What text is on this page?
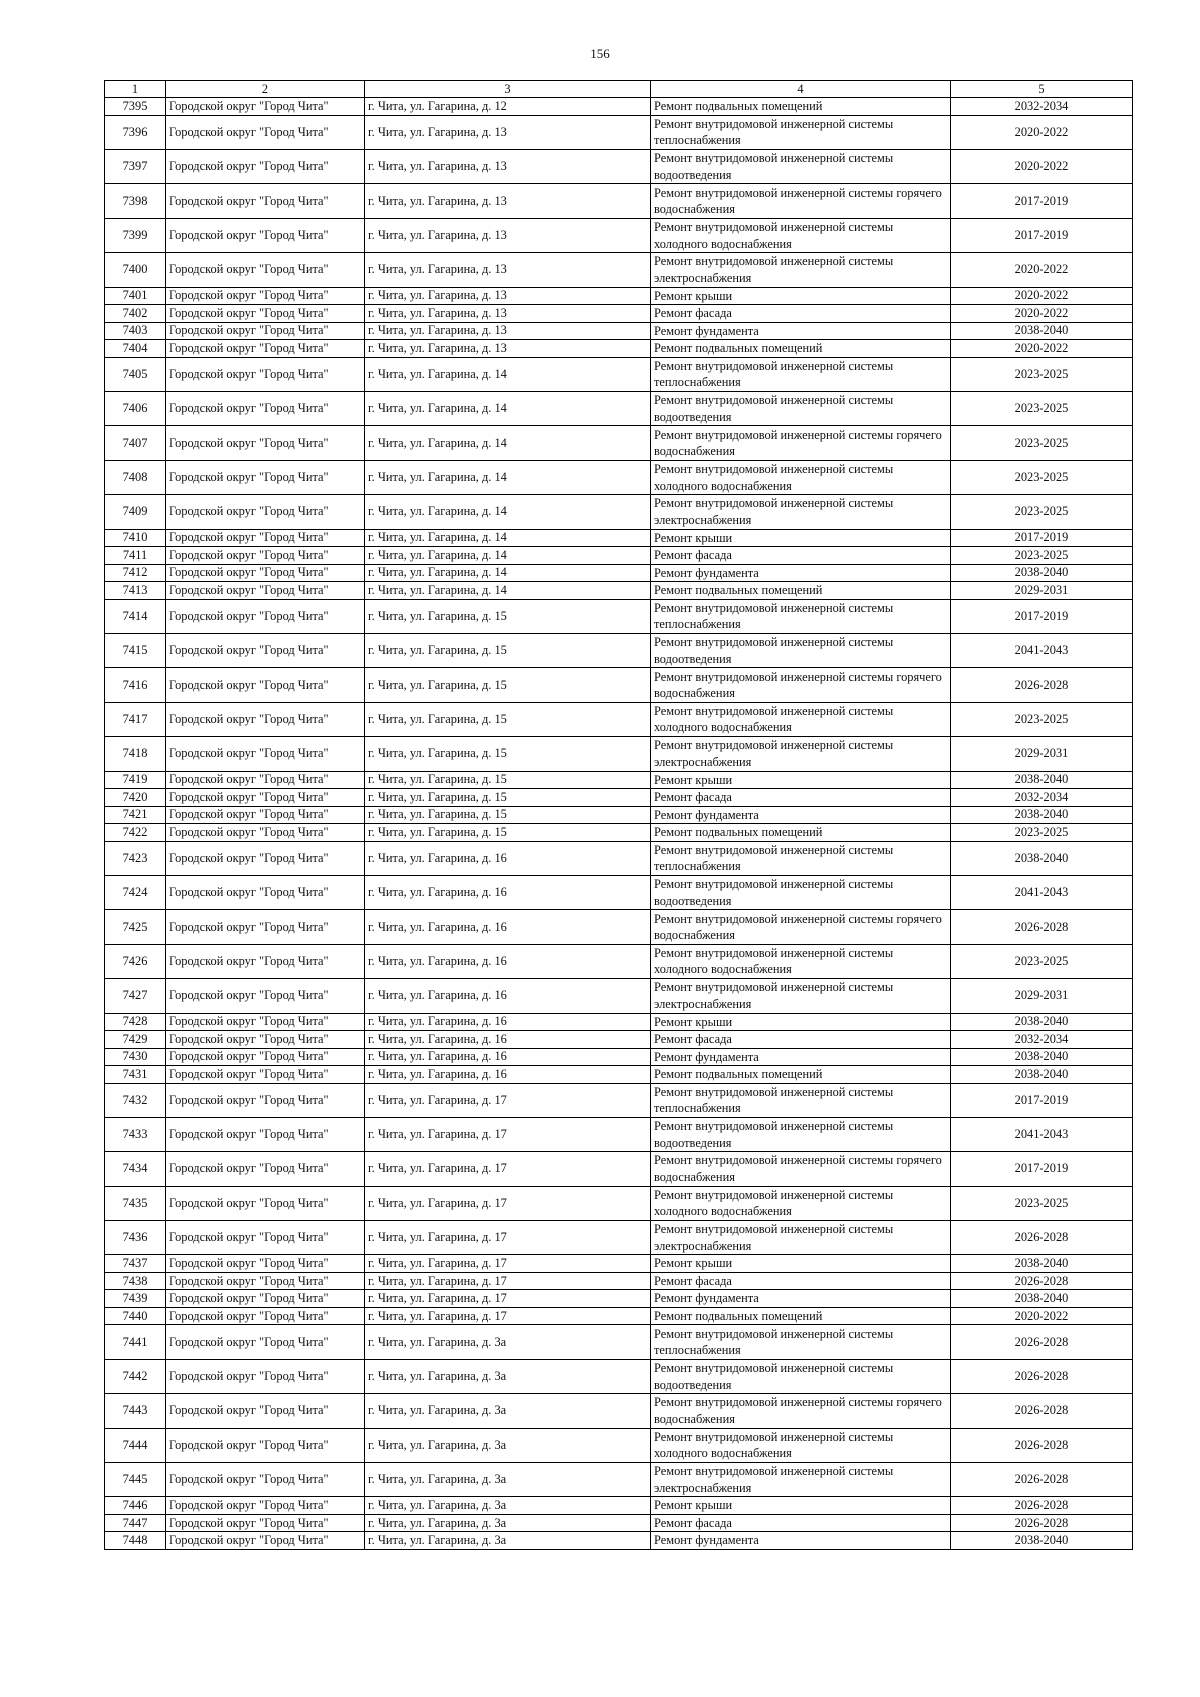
156
1	2	3	4	5
7395	Городской округ "Город Чита"	г. Чита, ул. Гагарина, д. 12	Ремонт подвальных помещений	2032-2034
7396	Городской округ "Город Чита"	г. Чита, ул. Гагарина, д. 13	Ремонт внутридомовой инженерной системы теплоснабжения	2020-2022
7397	Городской округ "Город Чита"	г. Чита, ул. Гагарина, д. 13	Ремонт внутридомовой инженерной системы водоотведения	2020-2022
7398	Городской округ "Город Чита"	г. Чита, ул. Гагарина, д. 13	Ремонт внутридомовой инженерной системы горячего водоснабжения	2017-2019
7399	Городской округ "Город Чита"	г. Чита, ул. Гагарина, д. 13	Ремонт внутридомовой инженерной системы холодного водоснабжения	2017-2019
7400	Городской округ "Город Чита"	г. Чита, ул. Гагарина, д. 13	Ремонт внутридомовой инженерной системы электроснабжения	2020-2022
7401	Городской округ "Город Чита"	г. Чита, ул. Гагарина, д. 13	Ремонт крыши	2020-2022
7402	Городской округ "Город Чита"	г. Чита, ул. Гагарина, д. 13	Ремонт фасада	2020-2022
7403	Городской округ "Город Чита"	г. Чита, ул. Гагарина, д. 13	Ремонт фундамента	2038-2040
7404	Городской округ "Город Чита"	г. Чита, ул. Гагарина, д. 13	Ремонт подвальных помещений	2020-2022
7405	Городской округ "Город Чита"	г. Чита, ул. Гагарина, д. 14	Ремонт внутридомовой инженерной системы теплоснабжения	2023-2025
7406	Городской округ "Город Чита"	г. Чита, ул. Гагарина, д. 14	Ремонт внутридомовой инженерной системы водоотведения	2023-2025
7407	Городской округ "Город Чита"	г. Чита, ул. Гагарина, д. 14	Ремонт внутридомовой инженерной системы горячего водоснабжения	2023-2025
7408	Городской округ "Город Чита"	г. Чита, ул. Гагарина, д. 14	Ремонт внутридомовой инженерной системы холодного водоснабжения	2023-2025
7409	Городской округ "Город Чита"	г. Чита, ул. Гагарина, д. 14	Ремонт внутридомовой инженерной системы электроснабжения	2023-2025
7410	Городской округ "Город Чита"	г. Чита, ул. Гагарина, д. 14	Ремонт крыши	2017-2019
7411	Городской округ "Город Чита"	г. Чита, ул. Гагарина, д. 14	Ремонт фасада	2023-2025
7412	Городской округ "Город Чита"	г. Чита, ул. Гагарина, д. 14	Ремонт фундамента	2038-2040
7413	Городской округ "Город Чита"	г. Чита, ул. Гагарина, д. 14	Ремонт подвальных помещений	2029-2031
7414	Городской округ "Город Чита"	г. Чита, ул. Гагарина, д. 15	Ремонт внутридомовой инженерной системы теплоснабжения	2017-2019
7415	Городской округ "Город Чита"	г. Чита, ул. Гагарина, д. 15	Ремонт внутридомовой инженерной системы водоотведения	2041-2043
7416	Городской округ "Город Чита"	г. Чита, ул. Гагарина, д. 15	Ремонт внутридомовой инженерной системы горячего водоснабжения	2026-2028
7417	Городской округ "Город Чита"	г. Чита, ул. Гагарина, д. 15	Ремонт внутридомовой инженерной системы холодного водоснабжения	2023-2025
7418	Городской округ "Город Чита"	г. Чита, ул. Гагарина, д. 15	Ремонт внутридомовой инженерной системы электроснабжения	2029-2031
7419	Городской округ "Город Чита"	г. Чита, ул. Гагарина, д. 15	Ремонт крыши	2038-2040
7420	Городской округ "Город Чита"	г. Чита, ул. Гагарина, д. 15	Ремонт фасада	2032-2034
7421	Городской округ "Город Чита"	г. Чита, ул. Гагарина, д. 15	Ремонт фундамента	2038-2040
7422	Городской округ "Город Чита"	г. Чита, ул. Гагарина, д. 15	Ремонт подвальных помещений	2023-2025
7423	Городской округ "Город Чита"	г. Чита, ул. Гагарина, д. 16	Ремонт внутридомовой инженерной системы теплоснабжения	2038-2040
7424	Городской округ "Город Чита"	г. Чита, ул. Гагарина, д. 16	Ремонт внутридомовой инженерной системы водоотведения	2041-2043
7425	Городской округ "Город Чита"	г. Чита, ул. Гагарина, д. 16	Ремонт внутридомовой инженерной системы горячего водоснабжения	2026-2028
7426	Городской округ "Город Чита"	г. Чита, ул. Гагарина, д. 16	Ремонт внутридомовой инженерной системы холодного водоснабжения	2023-2025
7427	Городской округ "Город Чита"	г. Чита, ул. Гагарина, д. 16	Ремонт внутридомовой инженерной системы электроснабжения	2029-2031
7428	Городской округ "Город Чита"	г. Чита, ул. Гагарина, д. 16	Ремонт крыши	2038-2040
7429	Городской округ "Город Чита"	г. Чита, ул. Гагарина, д. 16	Ремонт фасада	2032-2034
7430	Городской округ "Город Чита"	г. Чита, ул. Гагарина, д. 16	Ремонт фундамента	2038-2040
7431	Городской округ "Город Чита"	г. Чита, ул. Гагарина, д. 16	Ремонт подвальных помещений	2038-2040
7432	Городской округ "Город Чита"	г. Чита, ул. Гагарина, д. 17	Ремонт внутридомовой инженерной системы теплоснабжения	2017-2019
7433	Городской округ "Город Чита"	г. Чита, ул. Гагарина, д. 17	Ремонт внутридомовой инженерной системы водоотведения	2041-2043
7434	Городской округ "Город Чита"	г. Чита, ул. Гагарина, д. 17	Ремонт внутридомовой инженерной системы горячего водоснабжения	2017-2019
7435	Городской округ "Город Чита"	г. Чита, ул. Гагарина, д. 17	Ремонт внутридомовой инженерной системы холодного водоснабжения	2023-2025
7436	Городской округ "Город Чита"	г. Чита, ул. Гагарина, д. 17	Ремонт внутридомовой инженерной системы электроснабжения	2026-2028
7437	Городской округ "Город Чита"	г. Чита, ул. Гагарина, д. 17	Ремонт крыши	2038-2040
7438	Городской округ "Город Чита"	г. Чита, ул. Гагарина, д. 17	Ремонт фасада	2026-2028
7439	Городской округ "Город Чита"	г. Чита, ул. Гагарина, д. 17	Ремонт фундамента	2038-2040
7440	Городской округ "Город Чита"	г. Чита, ул. Гагарина, д. 17	Ремонт подвальных помещений	2020-2022
7441	Городской округ "Город Чита"	г. Чита, ул. Гагарина, д. 3а	Ремонт внутридомовой инженерной системы теплоснабжения	2026-2028
7442	Городской округ "Город Чита"	г. Чита, ул. Гагарина, д. 3а	Ремонт внутридомовой инженерной системы водоотведения	2026-2028
7443	Городской округ "Город Чита"	г. Чита, ул. Гагарина, д. 3а	Ремонт внутридомовой инженерной системы горячего водоснабжения	2026-2028
7444	Городской округ "Город Чита"	г. Чита, ул. Гагарина, д. 3а	Ремонт внутридомовой инженерной системы холодного водоснабжения	2026-2028
7445	Городской округ "Город Чита"	г. Чита, ул. Гагарина, д. 3а	Ремонт внутридомовой инженерной системы электроснабжения	2026-2028
7446	Городской округ "Город Чита"	г. Чита, ул. Гагарина, д. 3а	Ремонт крыши	2026-2028
7447	Городской округ "Город Чита"	г. Чита, ул. Гагарина, д. 3а	Ремонт фасада	2026-2028
7448	Городской округ "Город Чита"	г. Чита, ул. Гагарина, д. 3а	Ремонт фундамента	2038-2040
